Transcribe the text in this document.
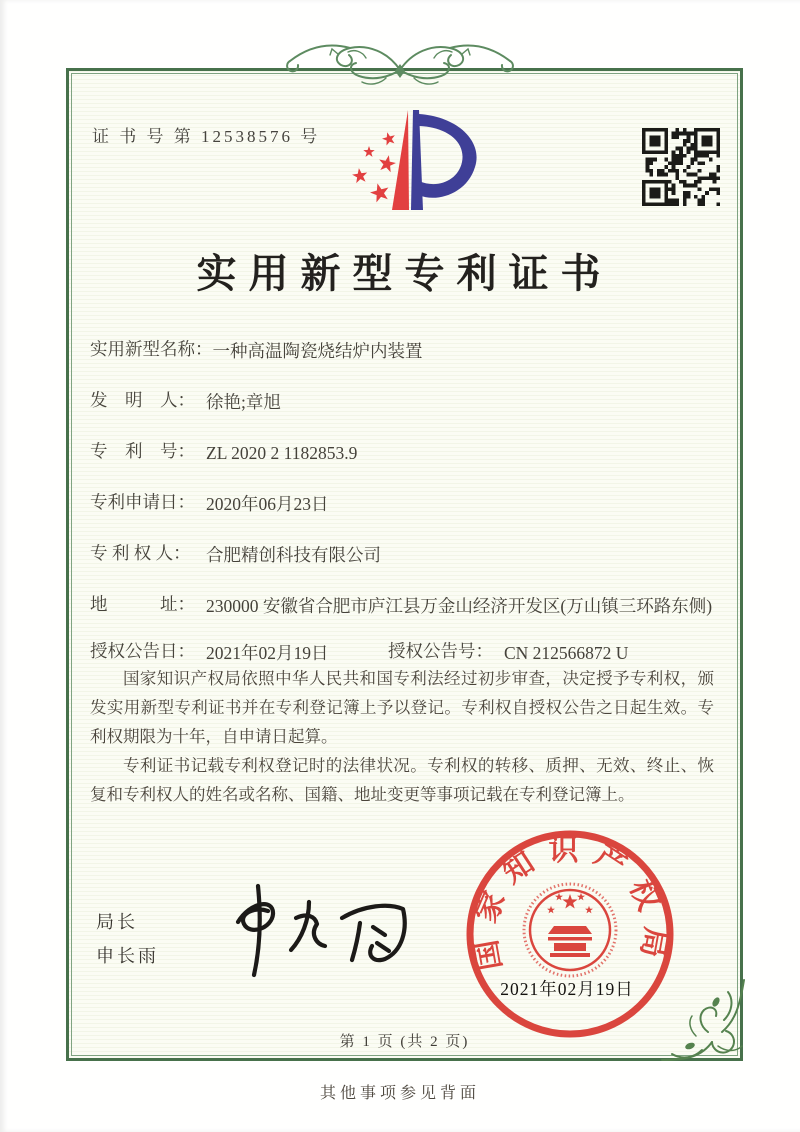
证 书 号 第 12538576 号
实用新型专利证书
实用新型名称： 一种高温陶瓷烧结炉内装置
发　明　人： 徐艳;章旭
专　利　号： ZL 2020 2 1182853.9
专利申请日： 2020年06月23日
专 利 权 人： 合肥精创科技有限公司
地　　　址： 230000 安徽省合肥市庐江县万金山经济开发区(万山镇三环路东侧)
授权公告日： 2021年02月19日	授权公告号： CN 212566872 U

国家知识产权局依照中华人民共和国专利法经过初步审查，决定授予专利权，颁发实用新型专利证书并在专利登记簿上予以登记。专利权自授权公告之日起生效。专利权期限为十年，自申请日起算。

专利证书记载专利权登记时的法律状况。专利权的转移、质押、无效、终止、恢复和专利权人的姓名或名称、国籍、地址变更等事项记载在专利登记簿上。

局长
申长雨	国家知识产权局
2021年02月19日
第 1 页 (共 2 页)
其他事项参见背面
